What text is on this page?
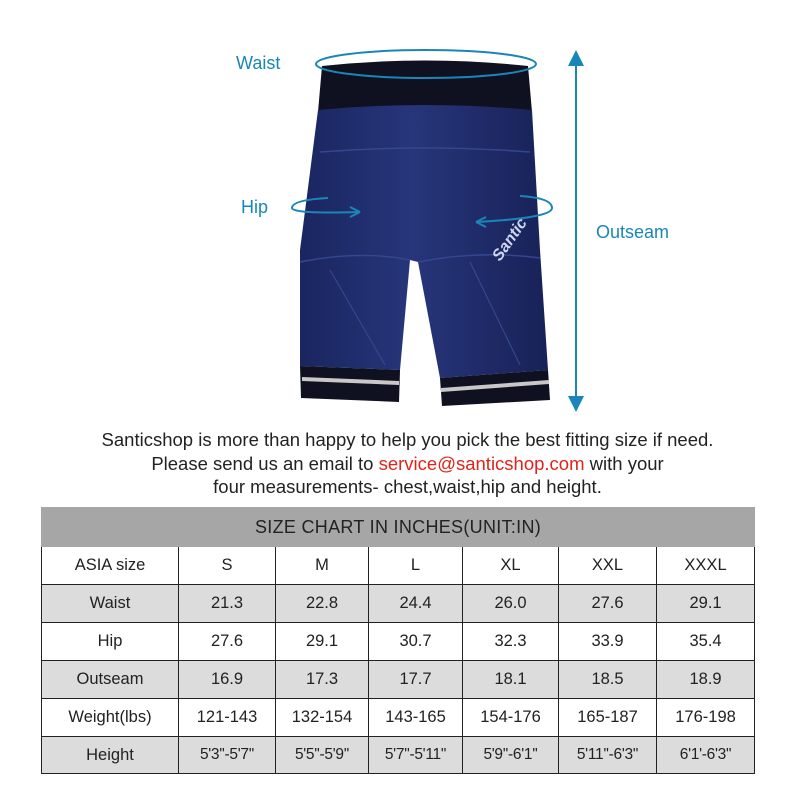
Santic
Waist
Hip
Outseam
Santicshop is more than happy to help you pick the best fitting size if need.
Please send us an email to service@santicshop.com with your
four measurements- chest,waist,hip and height.
SIZE CHART IN INCHES(UNIT:IN)						
ASIA size	S	M	L	XL	XXL	XXXL
Waist	21.3	22.8	24.4	26.0	27.6	29.1
Hip	27.6	29.1	30.7	32.3	33.9	35.4
Outseam	16.9	17.3	17.7	18.1	18.5	18.9
Weight(lbs)	121-143	132-154	143-165	154-176	165-187	176-198
Height	5'3''-5'7''	5'5''-5'9''	5'7''-5'11''	5'9''-6'1''	5'11''-6'3''	6'1'-6'3''
